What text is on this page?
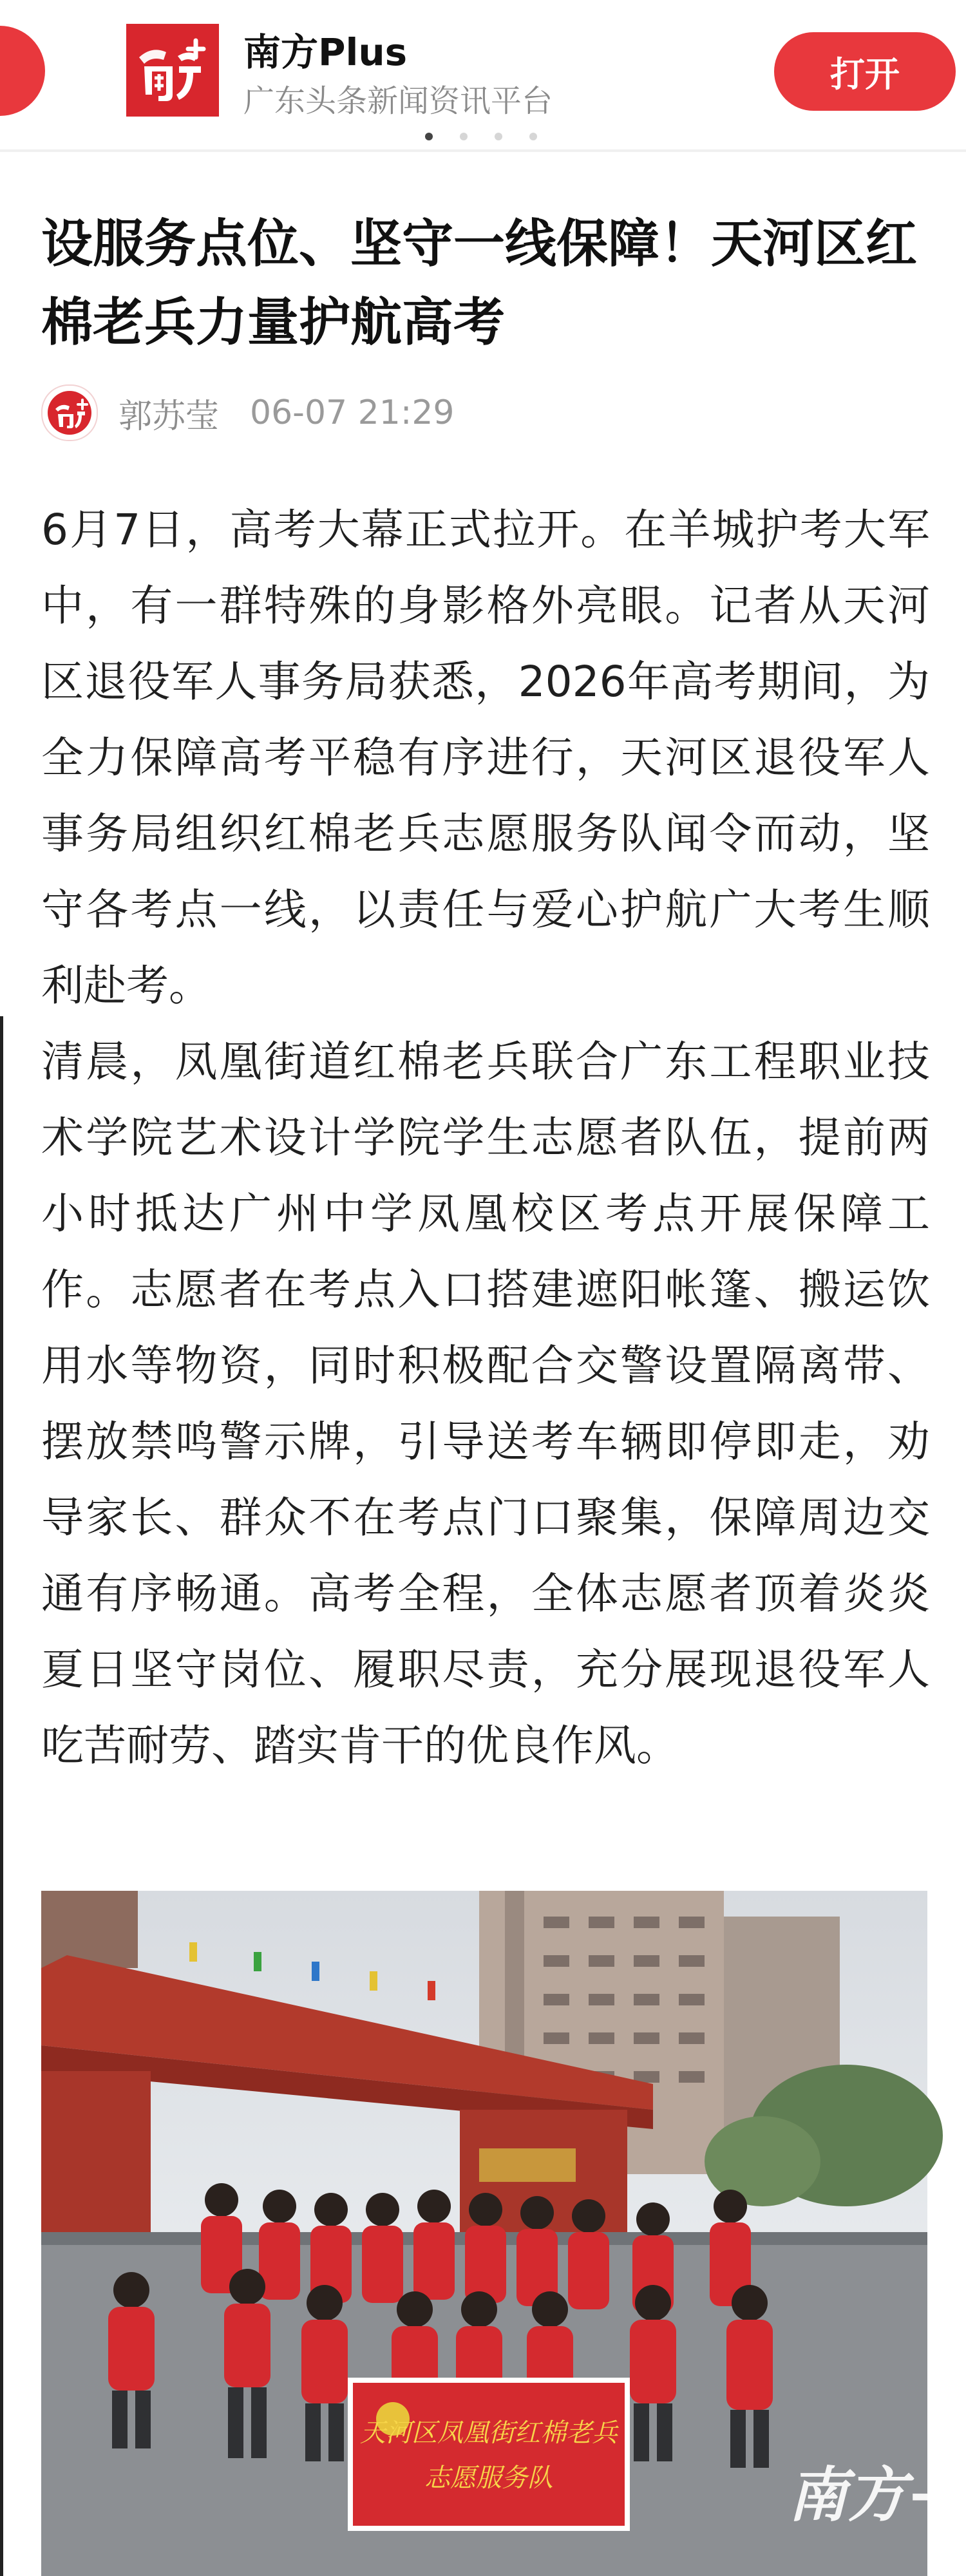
南方Plus
广东头条新闻资讯平台
打开
设服务点位、坚守一线保障！天河区红棉老兵力量护航高考
郭苏莹 06-07 21:29

6月7日，高考大幕正式拉开。在羊城护考大军中，有一群特殊的身影格外亮眼。记者从天河区退役军人事务局获悉，2026年高考期间，为全力保障高考平稳有序进行，天河区退役军人事务局组织红棉老兵志愿服务队闻令而动，坚守各考点一线，以责任与爱心护航广大考生顺利赴考。

清晨，凤凰街道红棉老兵联合广东工程职业技术学院艺术设计学院学生志愿者队伍，提前两小时抵达广州中学凤凰校区考点开展保障工作。志愿者在考点入口搭建遮阳帐篷、搬运饮用水等物资，同时积极配合交警设置隔离带、摆放禁鸣警示牌，引导送考车辆即停即走，劝导家长、群众不在考点门口聚集，保障周边交通有序畅通。高考全程，全体志愿者顶着炎炎夏日坚守岗位、履职尽责，充分展现退役军人吃苦耐劳、踏实肯干的优良作风。

天河区凤凰街红棉老兵
志愿服务队	南方+
